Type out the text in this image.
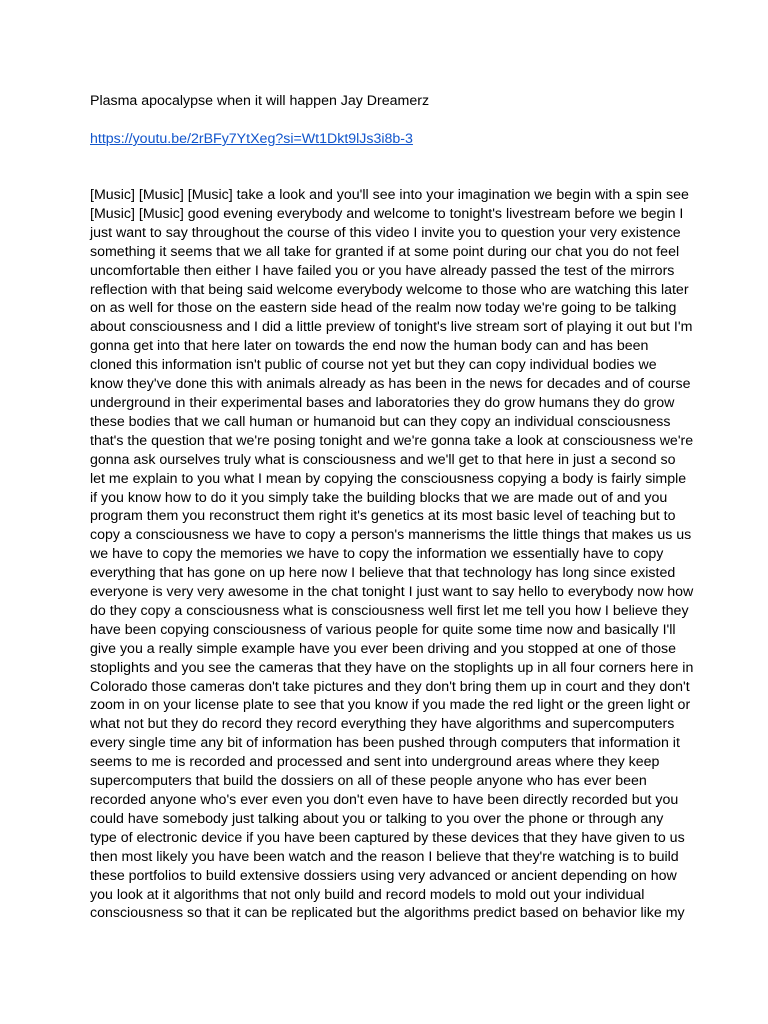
Plasma apocalypse when it will happen Jay Dreamerz
https://youtu.be/2rBFy7YtXeg?si=Wt1Dkt9lJs3i8b-3
[Music] [Music] [Music] take a look and you'll see into your imagination we begin with a spin see
[Music] [Music] good evening everybody and welcome to tonight's livestream before we begin I
just want to say throughout the course of this video I invite you to question your very existence
something it seems that we all take for granted if at some point during our chat you do not feel
uncomfortable then either I have failed you or you have already passed the test of the mirrors
reflection with that being said welcome everybody welcome to those who are watching this later
on as well for those on the eastern side head of the realm now today we're going to be talking
about consciousness and I did a little preview of tonight's live stream sort of playing it out but I'm
gonna get into that here later on towards the end now the human body can and has been
cloned this information isn't public of course not yet but they can copy individual bodies we
know they've done this with animals already as has been in the news for decades and of course
underground in their experimental bases and laboratories they do grow humans they do grow
these bodies that we call human or humanoid but can they copy an individual consciousness
that's the question that we're posing tonight and we're gonna take a look at consciousness we're
gonna ask ourselves truly what is consciousness and we'll get to that here in just a second so
let me explain to you what I mean by copying the consciousness copying a body is fairly simple
if you know how to do it you simply take the building blocks that we are made out of and you
program them you reconstruct them right it's genetics at its most basic level of teaching but to
copy a consciousness we have to copy a person's mannerisms the little things that makes us us
we have to copy the memories we have to copy the information we essentially have to copy
everything that has gone on up here now I believe that that technology has long since existed
everyone is very very awesome in the chat tonight I just want to say hello to everybody now how
do they copy a consciousness what is consciousness well first let me tell you how I believe they
have been copying consciousness of various people for quite some time now and basically I'll
give you a really simple example have you ever been driving and you stopped at one of those
stoplights and you see the cameras that they have on the stoplights up in all four corners here in
Colorado those cameras don't take pictures and they don't bring them up in court and they don't
zoom in on your license plate to see that you know if you made the red light or the green light or
what not but they do record they record everything they have algorithms and supercomputers
every single time any bit of information has been pushed through computers that information it
seems to me is recorded and processed and sent into underground areas where they keep
supercomputers that build the dossiers on all of these people anyone who has ever been
recorded anyone who's ever even you don't even have to have been directly recorded but you
could have somebody just talking about you or talking to you over the phone or through any
type of electronic device if you have been captured by these devices that they have given to us
then most likely you have been watch and the reason I believe that they're watching is to build
these portfolios to build extensive dossiers using very advanced or ancient depending on how
you look at it algorithms that not only build and record models to mold out your individual
consciousness so that it can be replicated but the algorithms predict based on behavior like my
